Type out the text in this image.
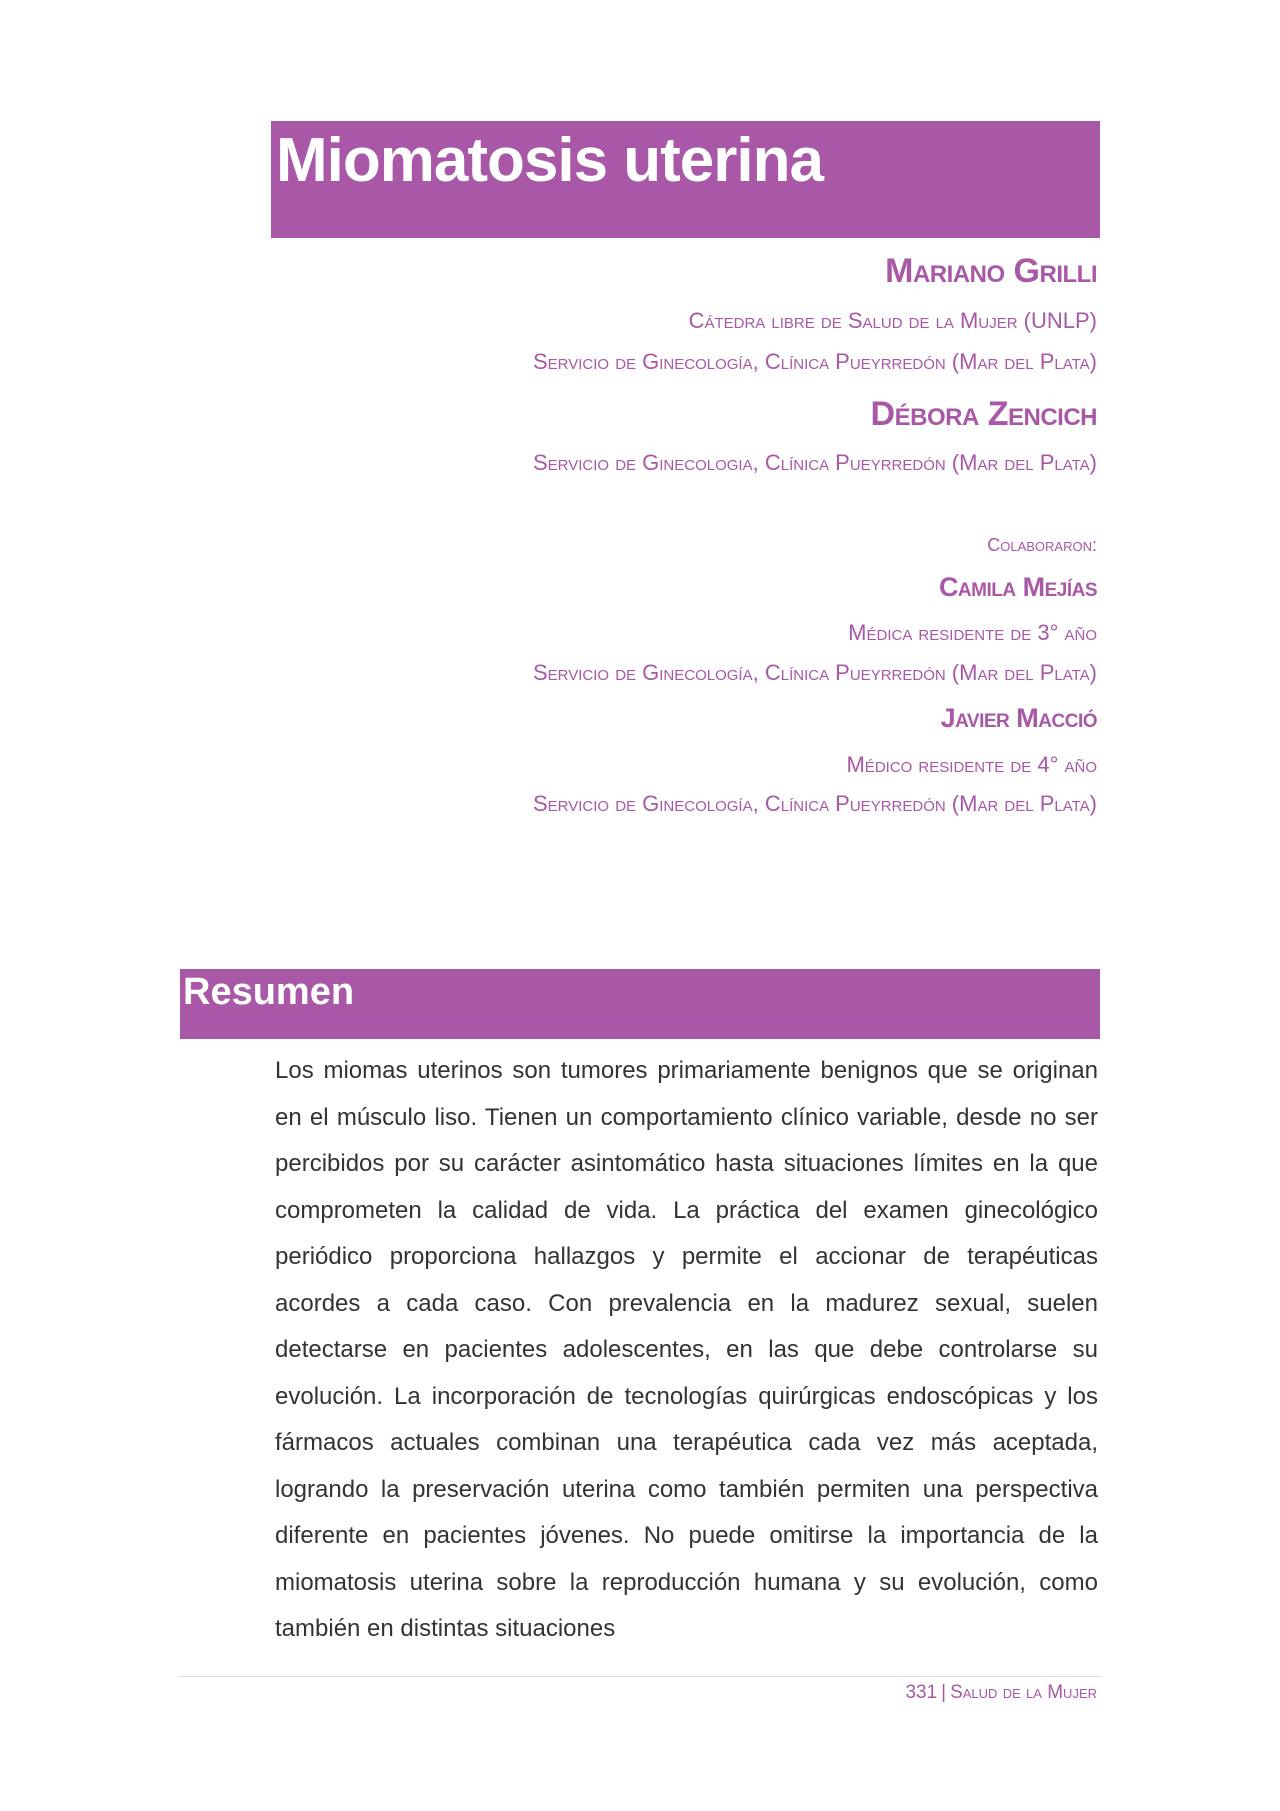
Miomatosis uterina
Mariano Grilli
Cátedra libre de Salud de la Mujer (UNLP)
Servicio de Ginecología, Clínica Pueyrredón (Mar del Plata)
Débora Zencich
Servicio de Ginecologia, Clínica Pueyrredón (Mar del Plata)
Colaboraron:
Camila Mejías
Médica residente de 3° año
Servicio de Ginecología, Clínica Pueyrredón (Mar del Plata)
Javier Macció
Médico residente de 4° año
Servicio de Ginecología, Clínica Pueyrredón (Mar del Plata)
Resumen

Los miomas uterinos son tumores primariamente benignos que se originan en el músculo liso. Tienen un comportamiento clínico variable, desde no ser percibidos por su carácter asintomático hasta situaciones límites en la que comprometen la calidad de vida. La práctica del examen ginecológico periódico proporciona hallazgos y permite el accionar de terapéuticas acordes a cada caso. Con prevalencia en la madurez sexual, suelen detectarse en pacientes adolescentes, en las que debe controlarse su evolución. La incorporación de tecnologías quirúrgicas endoscópicas y los fármacos actuales combinan una terapéutica cada vez más aceptada, logrando la preservación uterina como también permiten una perspectiva diferente en pacientes jóvenes. No puede omitirse la importancia de la miomatosis uterina sobre la reproducción humana y su evolución, como también en distintas situaciones

331 | Salud de la Mujer
